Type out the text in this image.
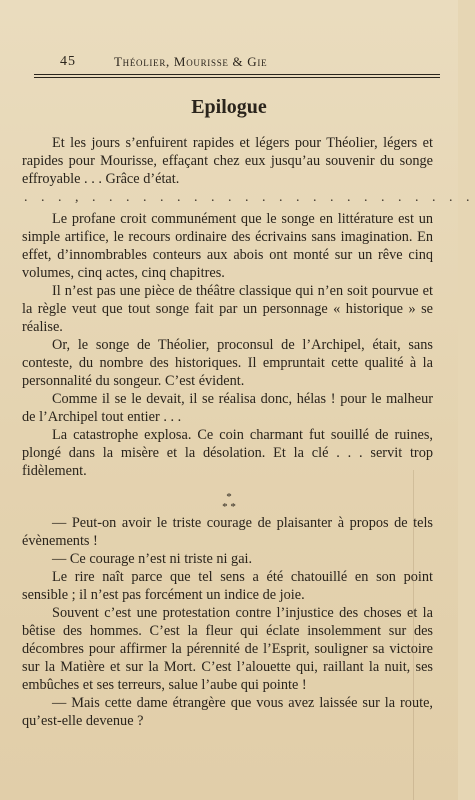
45	Théolier, Mourisse & Gie
Epilogue

Et les jours s’enfuirent rapides et légers pour Théolier, légers et rapides pour Mourisse, effaçant chez eux jusqu’au souvenir du songe effroyable . . . Grâce d’état.

. . . , . . . . . . . . . . . . . . . . . . . . . . .

Le profane croit communément que le songe en littérature est un simple artifice, le recours ordinaire des écrivains sans imagination. En effet, d’innombrables conteurs aux abois ont monté sur un rêve cinq volumes, cinq actes, cinq chapitres.

Il n’est pas une pièce de théâtre classique qui n’en soit pourvue et la règle veut que tout songe fait par un personnage « historique » se réalise.

Or, le songe de Théolier, proconsul de l’Archipel, était, sans conteste, du nombre des historiques. Il empruntait cette qualité à la personnalité du songeur. C’est évident.

Comme il se le devait, il se réalisa donc, hélas ! pour le malheur de l’Archipel tout entier . . .

La catastrophe explosa. Ce coin charmant fut souillé de ruines, plongé dans la misère et la désolation. Et la clé . . . servit trop fidèlement.

*
* *

— Peut-on avoir le triste courage de plaisanter à propos de tels évènements !

— Ce courage n’est ni triste ni gai.

Le rire naît parce que tel sens a été chatouillé en son point sensible ; il n’est pas forcément un indice de joie.

Souvent c’est une protestation contre l’injustice des choses et la bêtise des hommes. C’est la fleur qui éclate insolemment sur des décombres pour affirmer la pérennité de l’Esprit, souligner sa victoire sur la Matière et sur la Mort. C’est l’alouette qui, raillant la nuit, ses embûches et ses terreurs, salue l’aube qui pointe !

— Mais cette dame étrangère que vous avez laissée sur la route, qu’est-elle devenue ?
